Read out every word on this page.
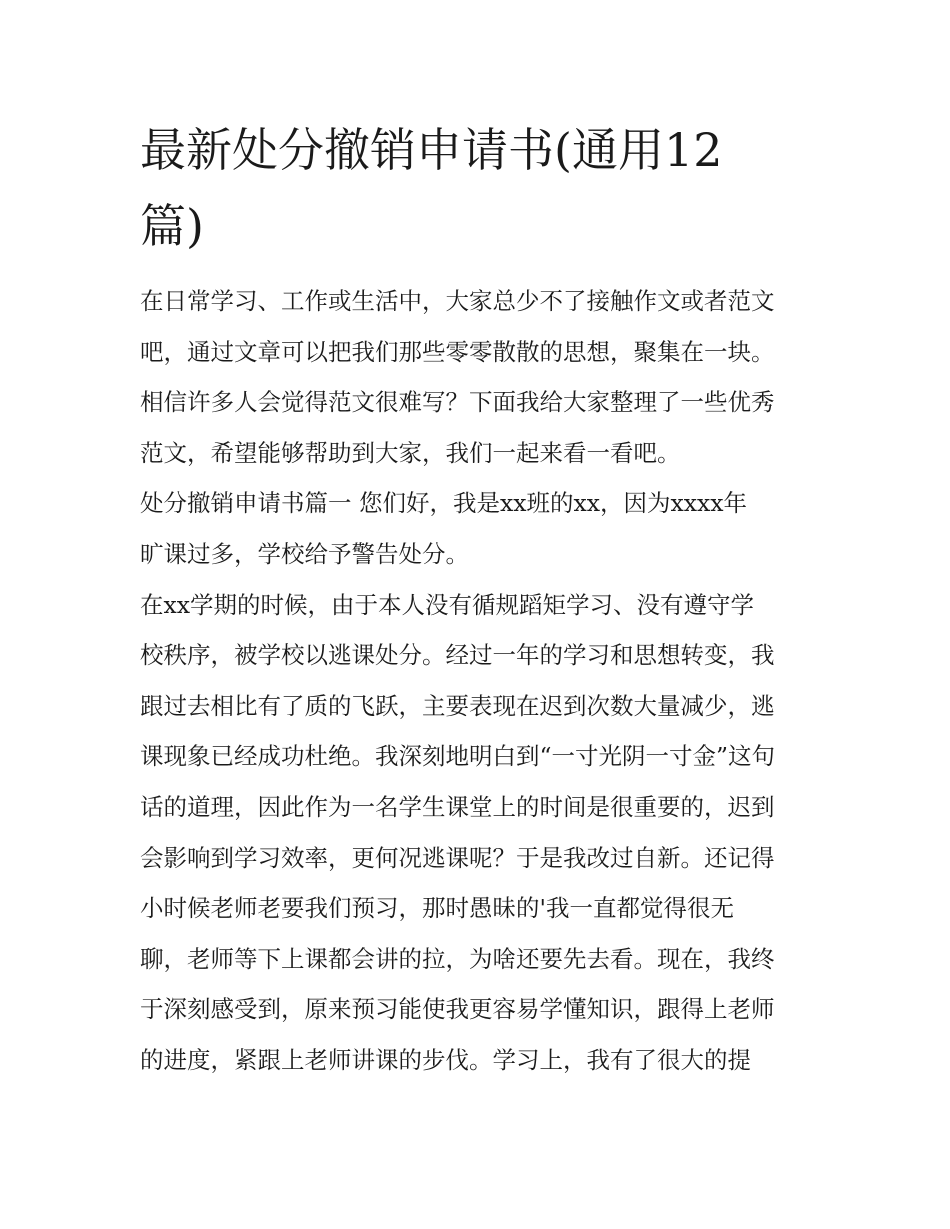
最新处分撤销申请书(通用12
篇)
在日常学习、工作或生活中，大家总少不了接触作文或者范文
吧，通过文章可以把我们那些零零散散的思想，聚集在一块。
相信许多人会觉得范文很难写？下面我给大家整理了一些优秀
范文，希望能够帮助到大家，我们一起来看一看吧。
处分撤销申请书篇一 您们好，我是xx班的xx，因为xxxx年
旷课过多，学校给予警告处分。
在xx学期的时候，由于本人没有循规蹈矩学习、没有遵守学
校秩序，被学校以逃课处分。经过一年的学习和思想转变，我
跟过去相比有了质的飞跃，主要表现在迟到次数大量减少，逃
课现象已经成功杜绝。我深刻地明白到“一寸光阴一寸金”这句
话的道理，因此作为一名学生课堂上的时间是很重要的，迟到
会影响到学习效率，更何况逃课呢？于是我改过自新。还记得
小时候老师老要我们预习，那时愚昧的'我一直都觉得很无
聊，老师等下上课都会讲的拉，为啥还要先去看。现在，我终
于深刻感受到，原来预习能使我更容易学懂知识，跟得上老师
的进度，紧跟上老师讲课的步伐。学习上，我有了很大的提
